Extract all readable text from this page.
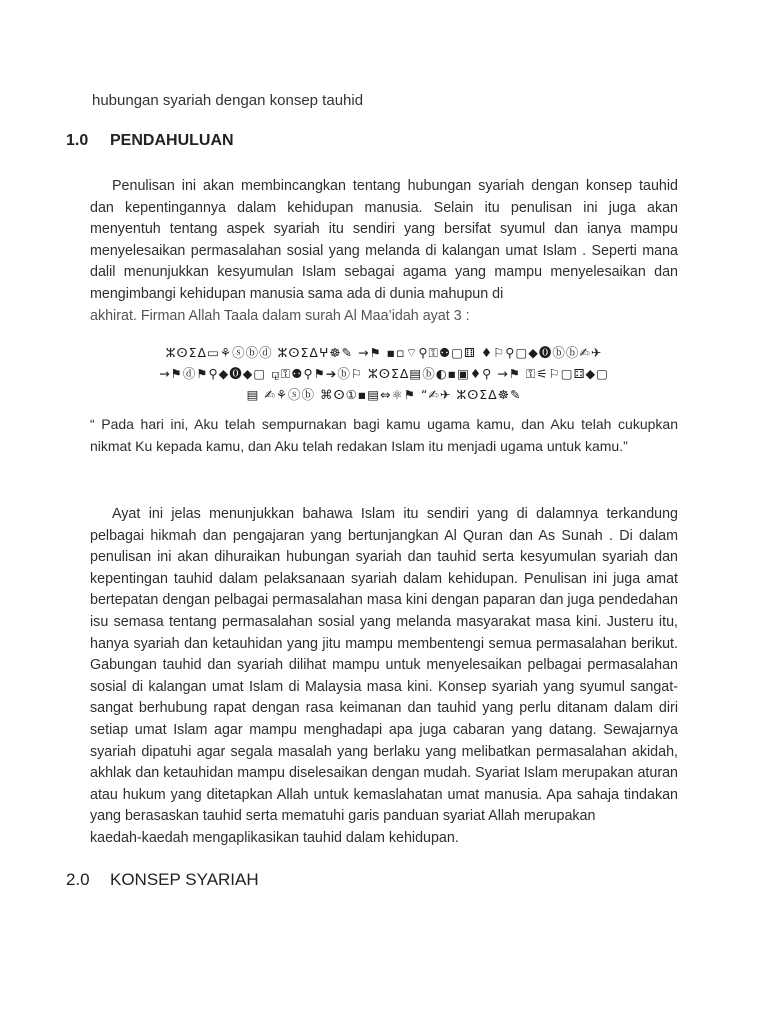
hubungan syariah dengan konsep tauhid
1.0 PENDAHULUAN
Penulisan ini akan membincangkan tentang hubungan syariah dengan konsep tauhid dan kepentingannya dalam kehidupan manusia. Selain itu penulisan ini juga akan menyentuh tentang aspek syariah itu sendiri yang bersifat syumul dan ianya mampu menyelesaikan permasalahan sosial yang melanda di kalangan umat Islam . Seperti mana dalil menunjukkan kesyumulan Islam sebagai agama yang mampu menyelesaikan dan mengimbangi kehidupan manusia sama ada di dunia mahupun di
akhirat. Firman Allah Taala dalam surah Al Maa’idah ayat 3 :
ⵣⵙⵉⵠ▭⚘ⓢⓑⓓ ⵣⵙⵉⵠⵖ☸✎ →⚑ ▪▫⌔⚲⚿⚉▢⚅ ♦⚐⚲▢◆⓿ⓑⓑ✍✈
→⚑ⓓ⚑⚲◆⓿◆▢ ⚼⚿⚉⚲⚑➔ⓑ⚐ ⵣⵙⵉⵠ▤ⓑ◐▪▣♦⚲ →⚑ ⚿⚟⚐▢⚃◆▢
▤ ✍⚘ⓢⓑ ⌘ⵙ①▪▤⇔⚛⚑ “✍✈ ⵣⵙⵉⵠ☸✎
“ Pada hari ini, Aku telah sempurnakan bagi kamu ugama kamu, dan Aku telah cukupkan nikmat Ku kepada kamu, dan Aku telah redakan Islam itu menjadi ugama untuk kamu.”
Ayat ini jelas menunjukkan bahawa Islam itu sendiri yang di dalamnya terkandung pelbagai hikmah dan pengajaran yang bertunjangkan Al Quran dan As Sunah . Di dalam penulisan ini akan dihuraikan hubungan syariah dan tauhid serta kesyumulan syariah dan kepentingan tauhid dalam pelaksanaan syariah dalam kehidupan. Penulisan ini juga amat bertepatan dengan pelbagai permasalahan masa kini dengan paparan dan juga pendedahan isu semasa tentang permasalahan sosial yang melanda masyarakat masa kini. Justeru itu, hanya syariah dan ketauhidan yang jitu mampu membentengi semua permasalahan berikut. Gabungan tauhid dan syariah dilihat mampu untuk menyelesaikan pelbagai permasalahan sosial di kalangan umat Islam di Malaysia masa kini. Konsep syariah yang syumul sangat-sangat berhubung rapat dengan rasa keimanan dan tauhid yang perlu ditanam dalam diri setiap umat Islam agar mampu menghadapi apa juga cabaran yang datang. Sewajarnya syariah dipatuhi agar segala masalah yang berlaku yang melibatkan permasalahan akidah, akhlak dan ketauhidan mampu diselesaikan dengan mudah. Syariat Islam merupakan aturan atau hukum yang ditetapkan Allah untuk kemaslahatan umat manusia. Apa sahaja tindakan yang berasaskan tauhid serta mematuhi garis panduan syariat Allah merupakan
kaedah-kaedah mengaplikasikan tauhid dalam kehidupan.
2.0 KONSEP SYARIAH
